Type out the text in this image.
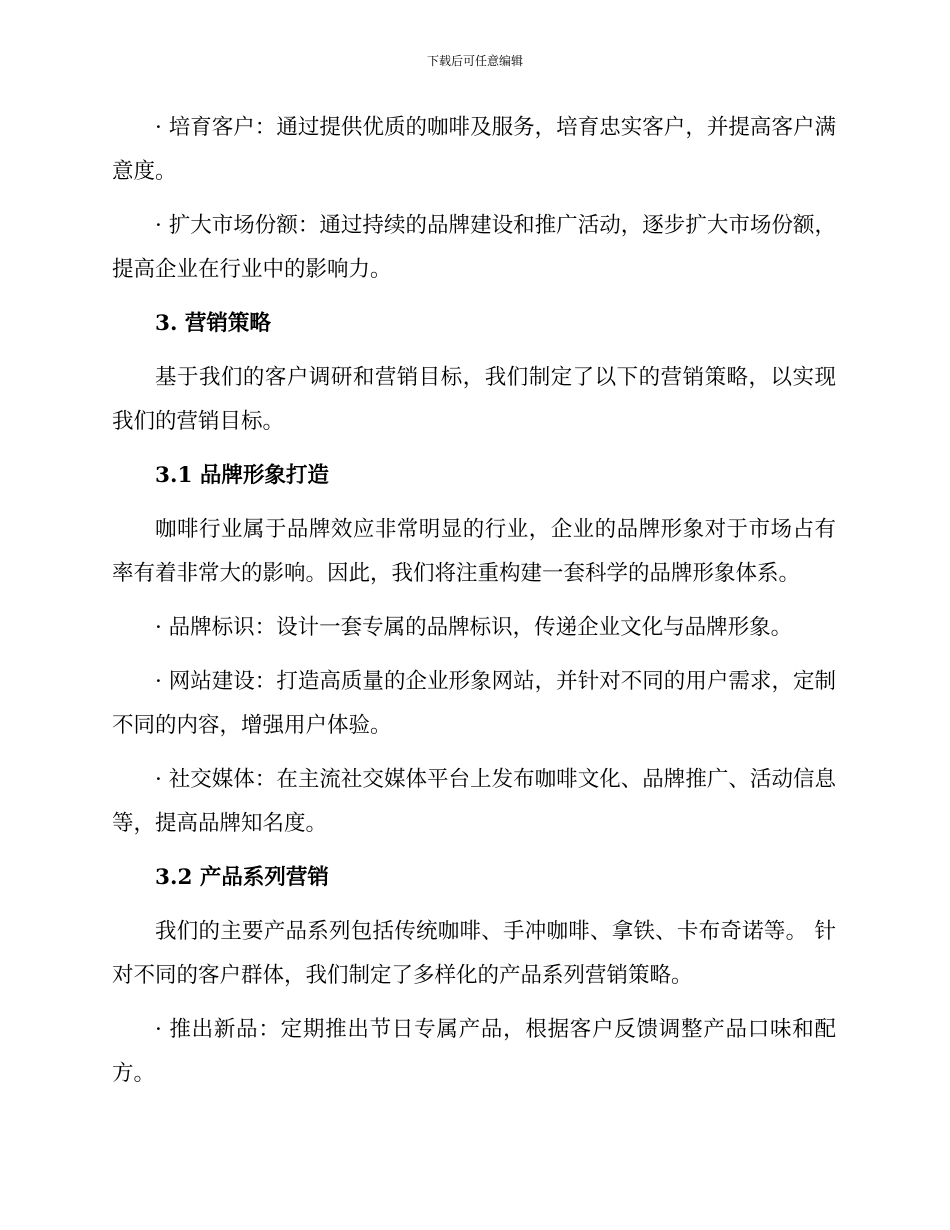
下载后可任意编辑

· 培育客户：通过提供优质的咖啡及服务，培育忠实客户，并提高客户满意度。

· 扩大市场份额：通过持续的品牌建设和推广活动，逐步扩大市场份额，提高企业在行业中的影响力。

3. 营销策略

基于我们的客户调研和营销目标，我们制定了以下的营销策略，以实现我们的营销目标。

3.1 品牌形象打造

咖啡行业属于品牌效应非常明显的行业，企业的品牌形象对于市场占有率有着非常大的影响。因此，我们将注重构建一套科学的品牌形象体系。

· 品牌标识：设计一套专属的品牌标识，传递企业文化与品牌形象。

· 网站建设：打造高质量的企业形象网站，并针对不同的用户需求，定制不同的内容，增强用户体验。

· 社交媒体：在主流社交媒体平台上发布咖啡文化、品牌推广、活动信息等，提高品牌知名度。

3.2 产品系列营销

我们的主要产品系列包括传统咖啡、手冲咖啡、拿铁、卡布奇诺等。 针对不同的客户群体，我们制定了多样化的产品系列营销策略。

· 推出新品：定期推出节日专属产品，根据客户反馈调整产品口味和配方。
